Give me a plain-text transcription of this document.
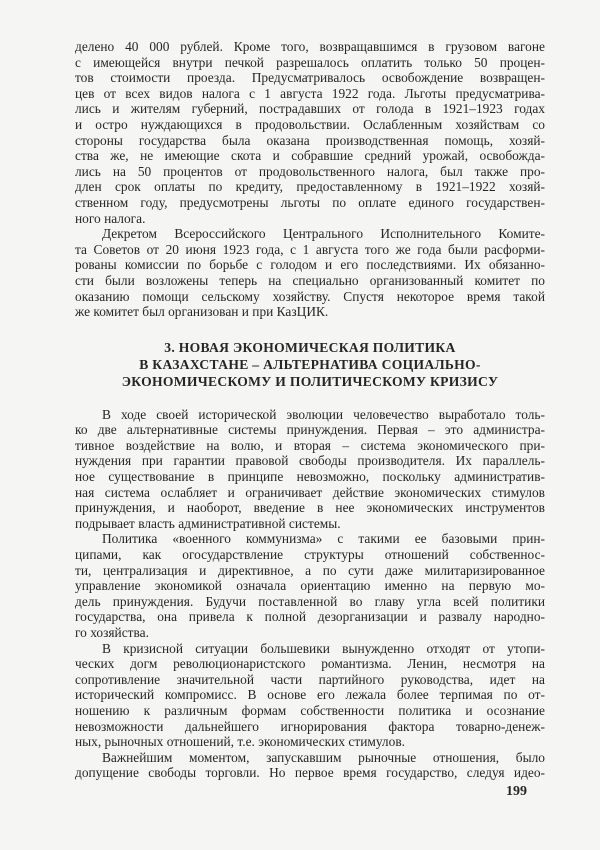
делено 40 000 рублей. Кроме того, возвращавшимся в грузовом вагоне
с имеющейся внутри печкой разрешалось оплатить только 50 процен-
тов стоимости проезда. Предусматривалось освобождение возвращен-
цев от всех видов налога с 1 августа 1922 года. Льготы предусматрива-
лись и жителям губерний, пострадавших от голода в 1921–1923 годах
и остро нуждающихся в продовольствии. Ослабленным хозяйствам со
стороны государства была оказана производственная помощь, хозяй-
ства же, не имеющие скота и собравшие средний урожай, освобожда-
лись на 50 процентов от продовольственного налога, был также про-
длен срок оплаты по кредиту, предоставленному в 1921–1922 хозяй-
ственном году, предусмотрены льготы по оплате единого государствен-
ного налога.
Декретом Всероссийского Центрального Исполнительного Комите-
та Советов от 20 июня 1923 года, с 1 августа того же года были расформи-
рованы комиссии по борьбе с голодом и его последствиями. Их обязанно-
сти были возложены теперь на специально организованный комитет по
оказанию помощи сельскому хозяйству. Спустя некоторое время такой
же комитет был организован и при КазЦИК.
3. НОВАЯ ЭКОНОМИЧЕСКАЯ ПОЛИТИКА
В КАЗАХСТАНЕ – АЛЬТЕРНАТИВА СОЦИАЛЬНО-
ЭКОНОМИЧЕСКОМУ И ПОЛИТИЧЕСКОМУ КРИЗИСУ
В ходе своей исторической эволюции человечество выработало толь-
ко две альтернативные системы принуждения. Первая – это администра-
тивное воздействие на волю, и вторая – система экономического при-
нуждения при гарантии правовой свободы производителя. Их параллель-
ное существование в принципе невозможно, поскольку административ-
ная система ослабляет и ограничивает действие экономических стимулов
принуждения, и наоборот, введение в нее экономических инструментов
подрывает власть административной системы.
Политика «военного коммунизма» с такими ее базовыми прин-
ципами, как огосударствление структуры отношений собственнос-
ти, централизация и директивное, а по сути даже милитаризированное
управление экономикой означала ориентацию именно на первую мо-
дель принуждения. Будучи поставленной во главу угла всей политики
государства, она привела к полной дезорганизации и развалу народно-
го хозяйства.
В кризисной ситуации большевики вынужденно отходят от утопи-
ческих догм революционаристского романтизма. Ленин, несмотря на
сопротивление значительной части партийного руководства, идет на
исторический компромисс. В основе его лежала более терпимая по от-
ношению к различным формам собственности политика и осознание
невозможности дальнейшего игнорирования фактора товарно-денеж-
ных, рыночных отношений, т.е. экономических стимулов.
Важнейшим моментом, запускавшим рыночные отношения, было
допущение свободы торговли. Но первое время государство, следуя идео-
199
